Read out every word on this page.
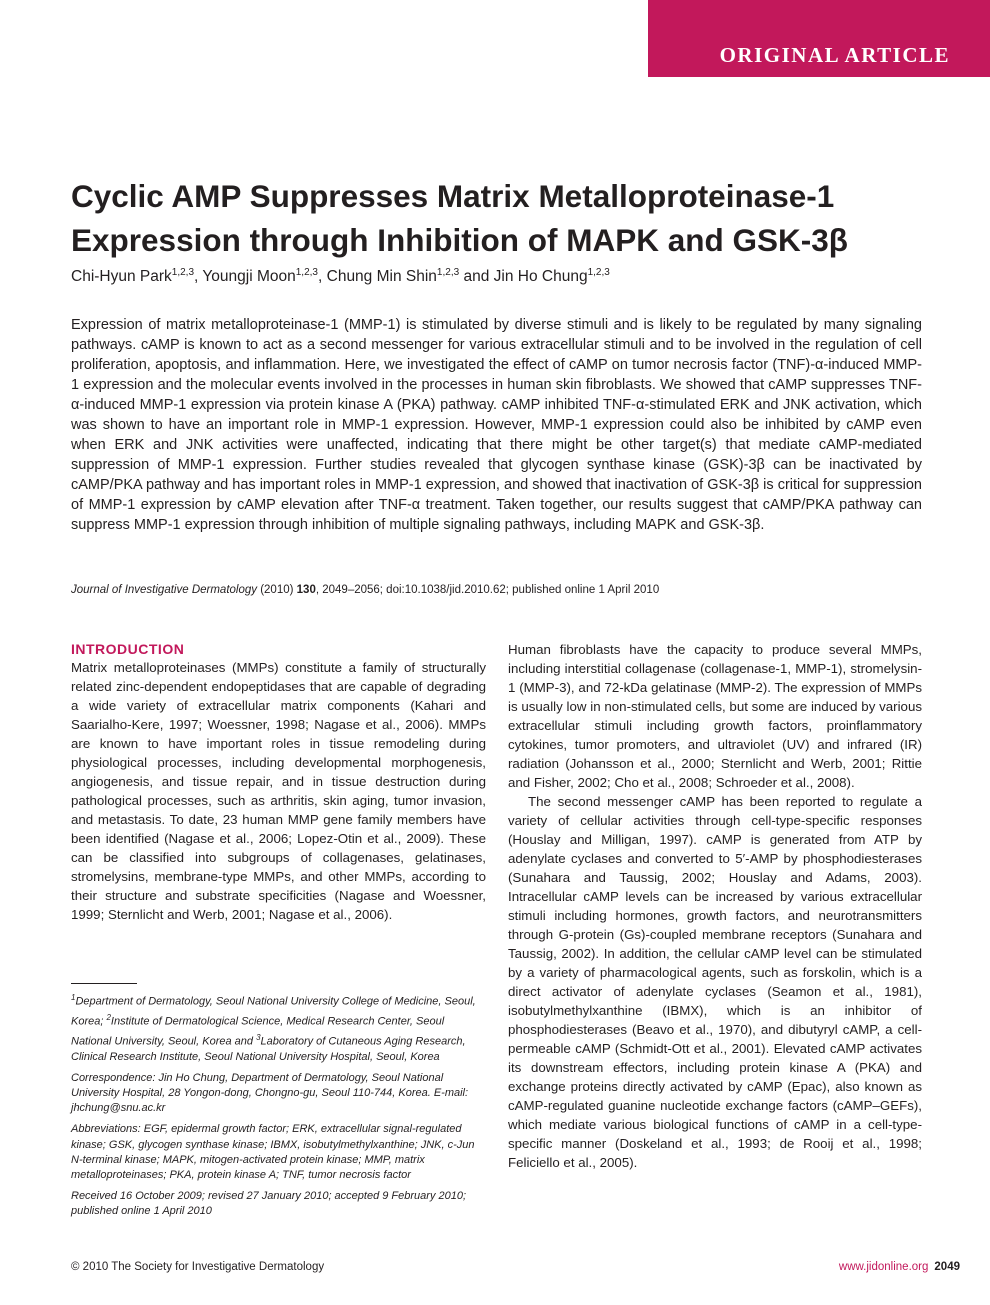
ORIGINAL ARTICLE
Cyclic AMP Suppresses Matrix Metalloproteinase-1
Expression through Inhibition of MAPK and GSK-3β
Chi-Hyun Park$^{1,2,3}$, Youngji Moon$^{1,2,3}$, Chung Min Shin$^{1,2,3}$ and Jin Ho Chung$^{1,2,3}$

Expression of matrix metalloproteinase-1 (MMP-1) is stimulated by diverse stimuli and is likely to be regulated by many signaling pathways. cAMP is known to act as a second messenger for various extracellular stimuli and to be involved in the regulation of cell proliferation, apoptosis, and inflammation. Here, we investigated the effect of cAMP on tumor necrosis factor (TNF)-α-induced MMP-1 expression and the molecular events involved in the processes in human skin fibroblasts. We showed that cAMP suppresses TNF-α-induced MMP-1 expression via protein kinase A (PKA) pathway. cAMP inhibited TNF-α-stimulated ERK and JNK activation, which was shown to have an important role in MMP-1 expression. However, MMP-1 expression could also be inhibited by cAMP even when ERK and JNK activities were unaffected, indicating that there might be other target(s) that mediate cAMP-mediated suppression of MMP-1 expression. Further studies revealed that glycogen synthase kinase (GSK)-3β can be inactivated by cAMP/PKA pathway and has important roles in MMP-1 expression, and showed that inactivation of GSK-3β is critical for suppression of MMP-1 expression by cAMP elevation after TNF-α treatment. Taken together, our results suggest that cAMP/PKA pathway can suppress MMP-1 expression through inhibition of multiple signaling pathways, including MAPK and GSK-3β.

Journal of Investigative Dermatology (2010) 130, 2049–2056; doi:10.1038/jid.2010.62; published online 1 April 2010
INTRODUCTION

Matrix metalloproteinases (MMPs) constitute a family of structurally related zinc-dependent endopeptidases that are capable of degrading a wide variety of extracellular matrix components (Kahari and Saarialho-Kere, 1997; Woessner, 1998; Nagase et al., 2006). MMPs are known to have important roles in tissue remodeling during physiological processes, including developmental morphogenesis, angiogenesis, and tissue repair, and in tissue destruction during pathological processes, such as arthritis, skin aging, tumor invasion, and metastasis. To date, 23 human MMP gene family members have been identified (Nagase et al., 2006; Lopez-Otin et al., 2009). These can be classified into subgroups of collagenases, gelatinases, stromelysins, membrane-type MMPs, and other MMPs, according to their structure and substrate specificities (Nagase and Woessner, 1999; Sternlicht and Werb, 2001; Nagase et al., 2006).

Human fibroblasts have the capacity to produce several MMPs, including interstitial collagenase (collagenase-1, MMP-1), stromelysin-1 (MMP-3), and 72-kDa gelatinase (MMP-2). The expression of MMPs is usually low in non-stimulated cells, but some are induced by various extracellular stimuli including growth factors, proinflammatory cytokines, tumor promoters, and ultraviolet (UV) and infrared (IR) radiation (Johansson et al., 2000; Sternlicht and Werb, 2001; Rittie and Fisher, 2002; Cho et al., 2008; Schroeder et al., 2008).

The second messenger cAMP has been reported to regulate a variety of cellular activities through cell-type-specific responses (Houslay and Milligan, 1997). cAMP is generated from ATP by adenylate cyclases and converted to 5′-AMP by phosphodiesterases (Sunahara and Taussig, 2002; Houslay and Adams, 2003). Intracellular cAMP levels can be increased by various extracellular stimuli including hormones, growth factors, and neurotransmitters through G-protein (Gs)-coupled membrane receptors (Sunahara and Taussig, 2002). In addition, the cellular cAMP level can be stimulated by a variety of pharmacological agents, such as forskolin, which is a direct activator of adenylate cyclases (Seamon et al., 1981), isobutylmethylxanthine (IBMX), which is an inhibitor of phosphodiesterases (Beavo et al., 1970), and dibutyryl cAMP, a cell-permeable cAMP (Schmidt-Ott et al., 2001). Elevated cAMP activates its downstream effectors, including protein kinase A (PKA) and exchange proteins directly activated by cAMP (Epac), also known as cAMP-regulated guanine nucleotide exchange factors (cAMP–GEFs), which mediate various biological functions of cAMP in a cell-type-specific manner (Doskeland et al., 1993; de Rooij et al., 1998; Feliciello et al., 2005).

$^1$Department of Dermatology, Seoul National University College of Medicine, Seoul, Korea; $^2$Institute of Dermatological Science, Medical Research Center, Seoul National University, Seoul, Korea and $^3$Laboratory of Cutaneous Aging Research, Clinical Research Institute, Seoul National University Hospital, Seoul, Korea

Correspondence: Jin Ho Chung, Department of Dermatology, Seoul National University Hospital, 28 Yongon-dong, Chongno-gu, Seoul 110-744, Korea. E-mail: jhchung@snu.ac.kr

Abbreviations: EGF, epidermal growth factor; ERK, extracellular signal-regulated kinase; GSK, glycogen synthase kinase; IBMX, isobutylmethylxanthine; JNK, c-Jun N-terminal kinase; MAPK, mitogen-activated protein kinase; MMP, matrix metalloproteinases; PKA, protein kinase A; TNF, tumor necrosis factor

Received 16 October 2009; revised 27 January 2010; accepted 9 February 2010; published online 1 April 2010

© 2010 The Society for Investigative Dermatology	www.jidonline.org 2049
